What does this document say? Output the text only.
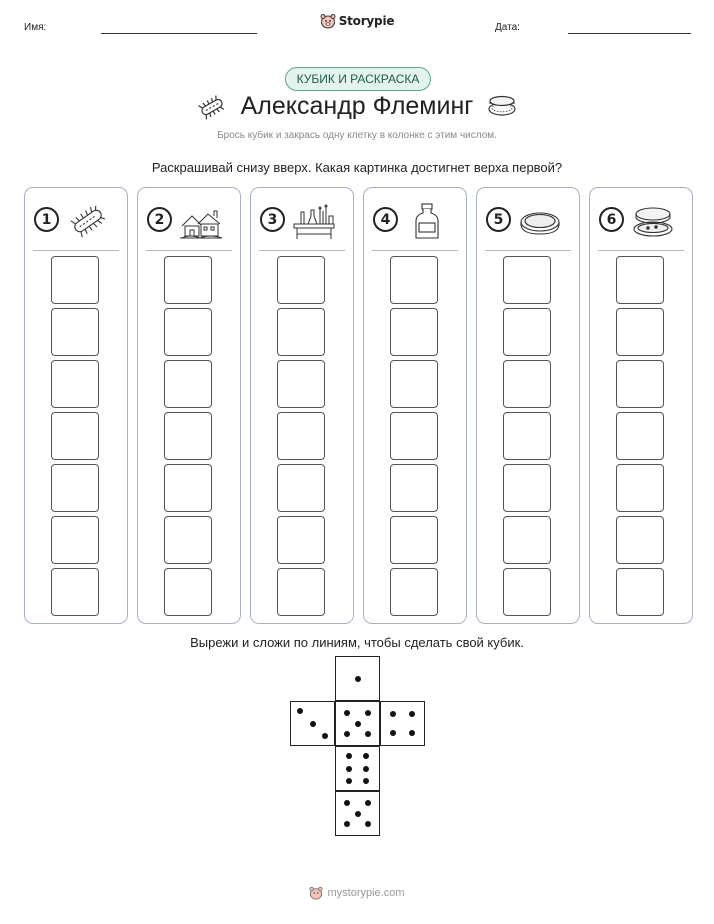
Имя:	Дата:
Storypie
КУБИК И РАСКРАСКА
Александр Флеминг
Брось кубик и закрась одну клетку в колонке с этим числом.
Раскрашивай снизу вверх. Какая картинка достигнет верха первой?
1	2	3	4	5	6
Вырежи и сложи по линиям, чтобы сделать свой кубик.
mystorypie.com
